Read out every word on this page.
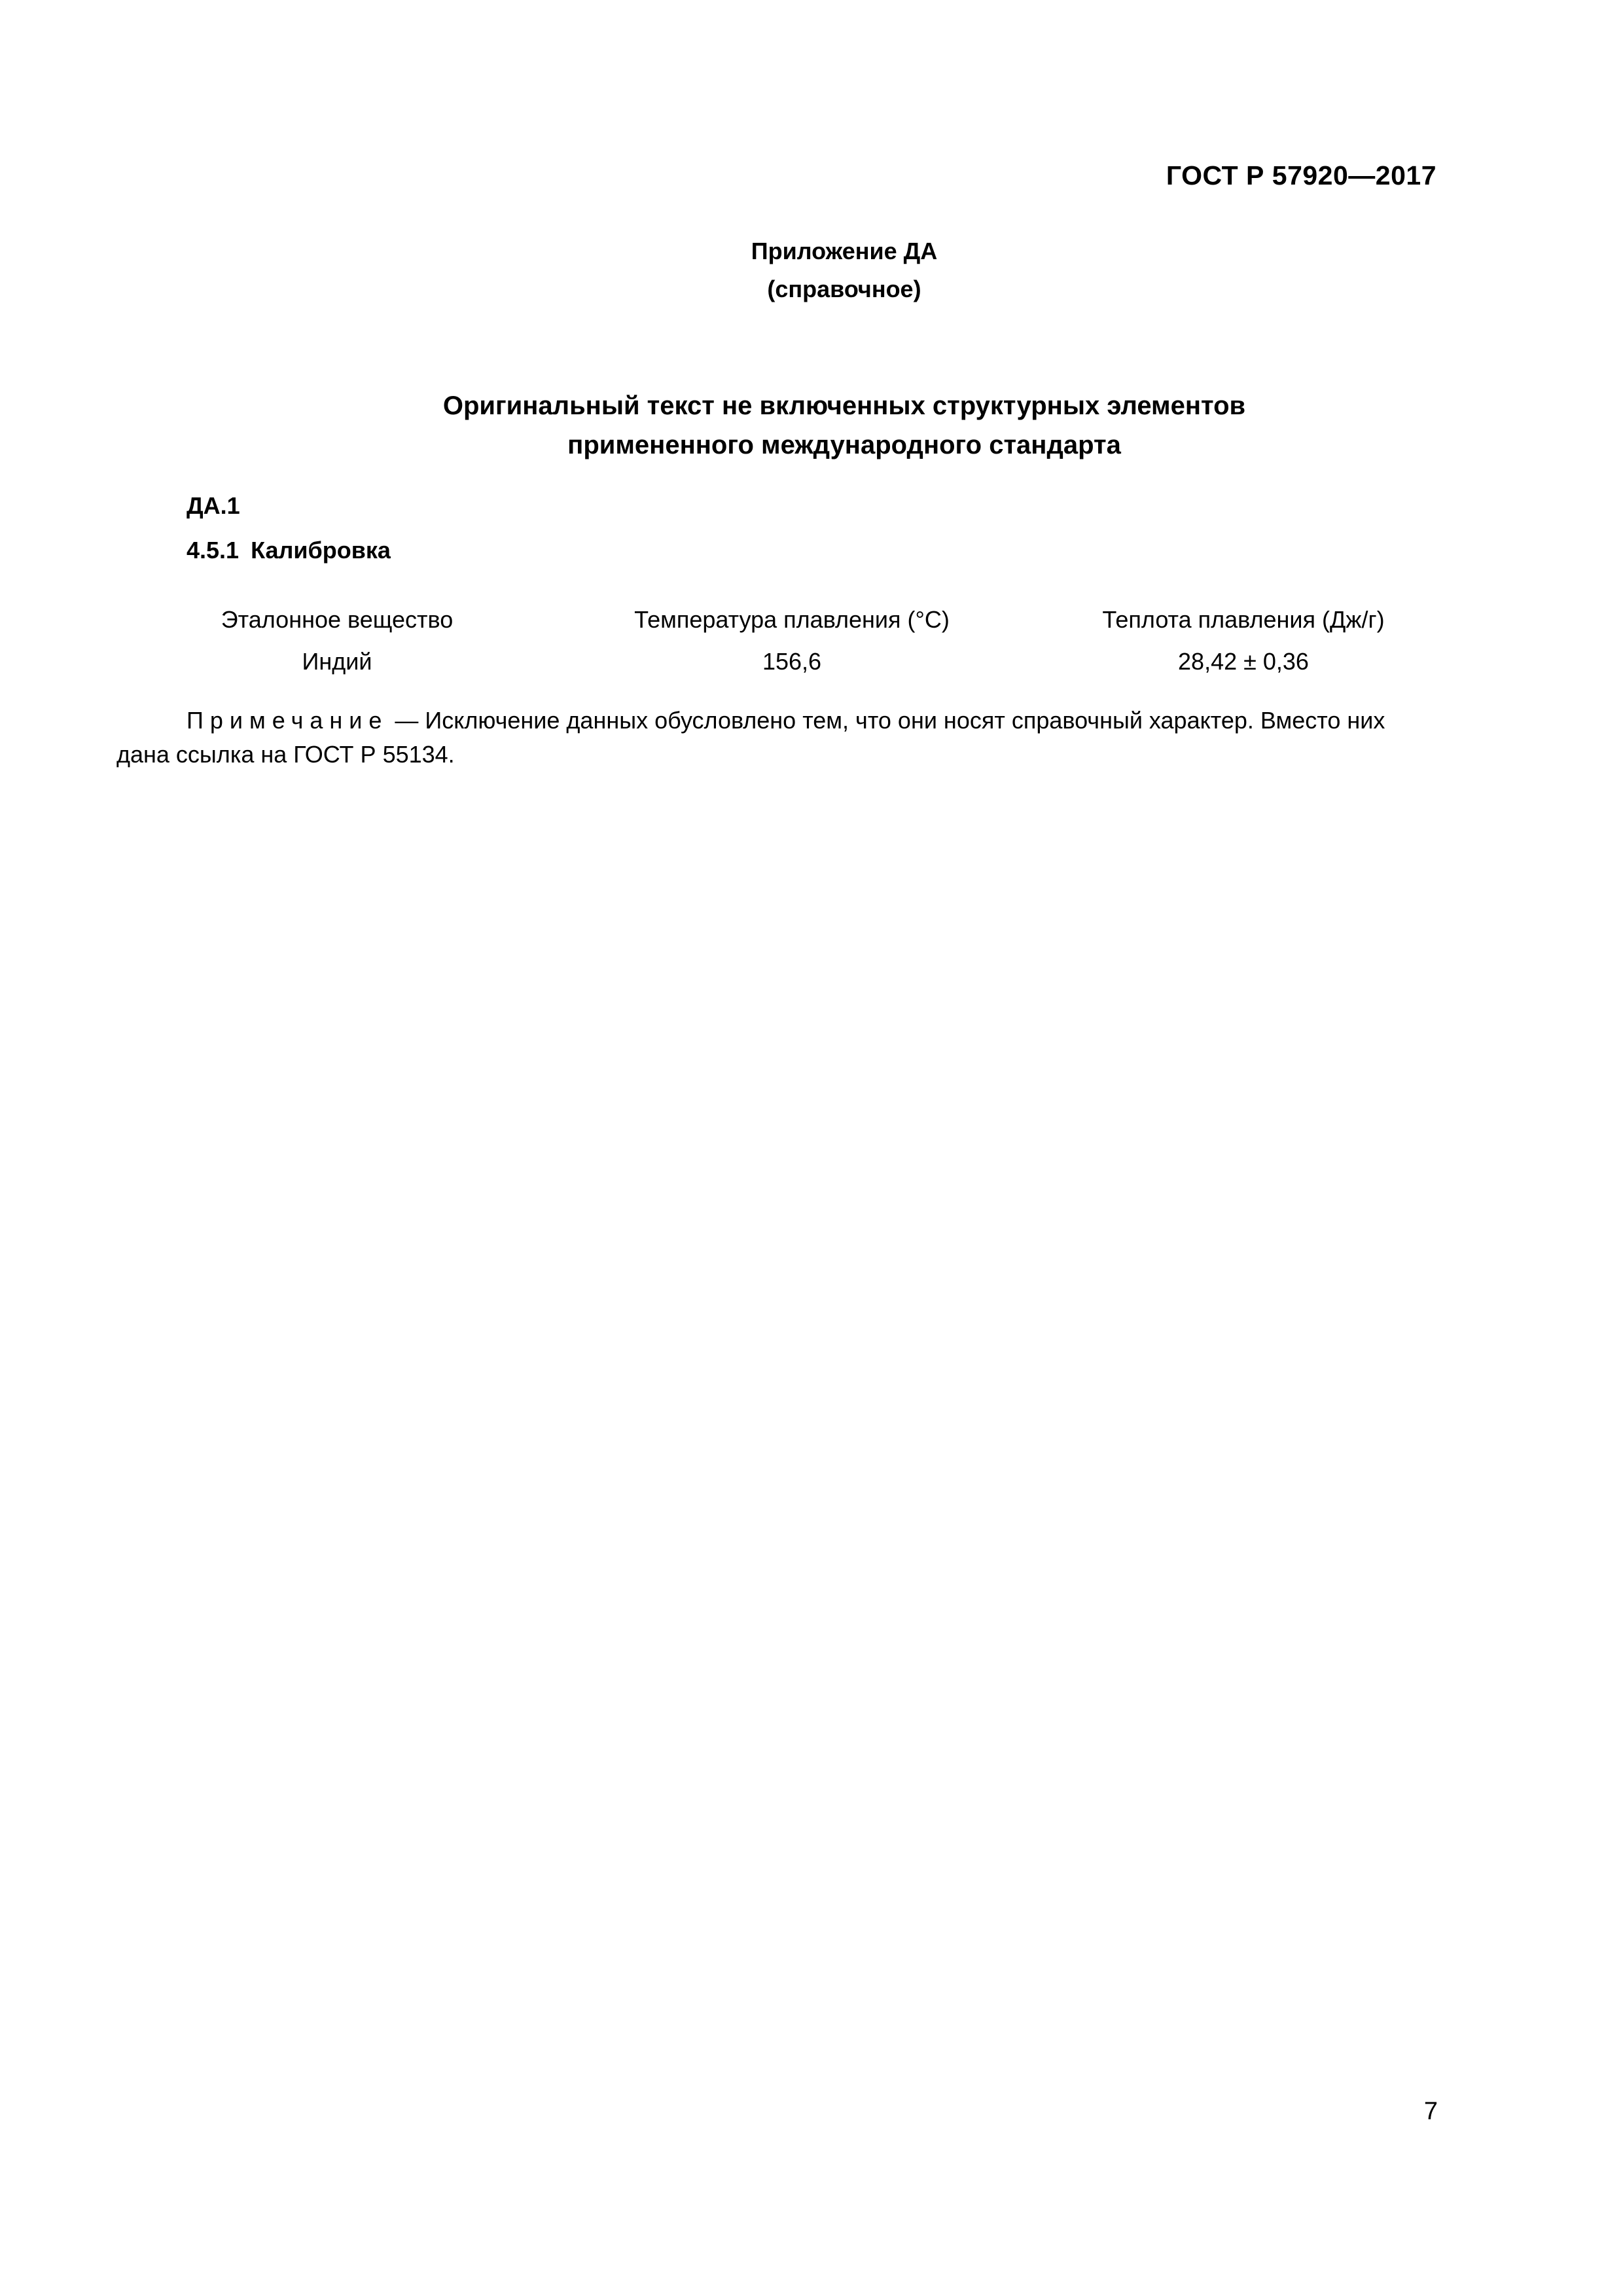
ГОСТ Р 57920—2017
Приложение ДА
(справочное)
Оригинальный текст не включенных структурных элементов
примененного международного стандарта
ДА.1
4.5.1 Калибровка
Эталонное вещество	Температура плавления (°С)	Теплота плавления (Дж/г)
Индий	156,6	28,42 ± 0,36
Примечание — Исключение данных обусловлено тем, что они носят справочный характер. Вместо них
дана ссылка на ГОСТ Р 55134.
7
